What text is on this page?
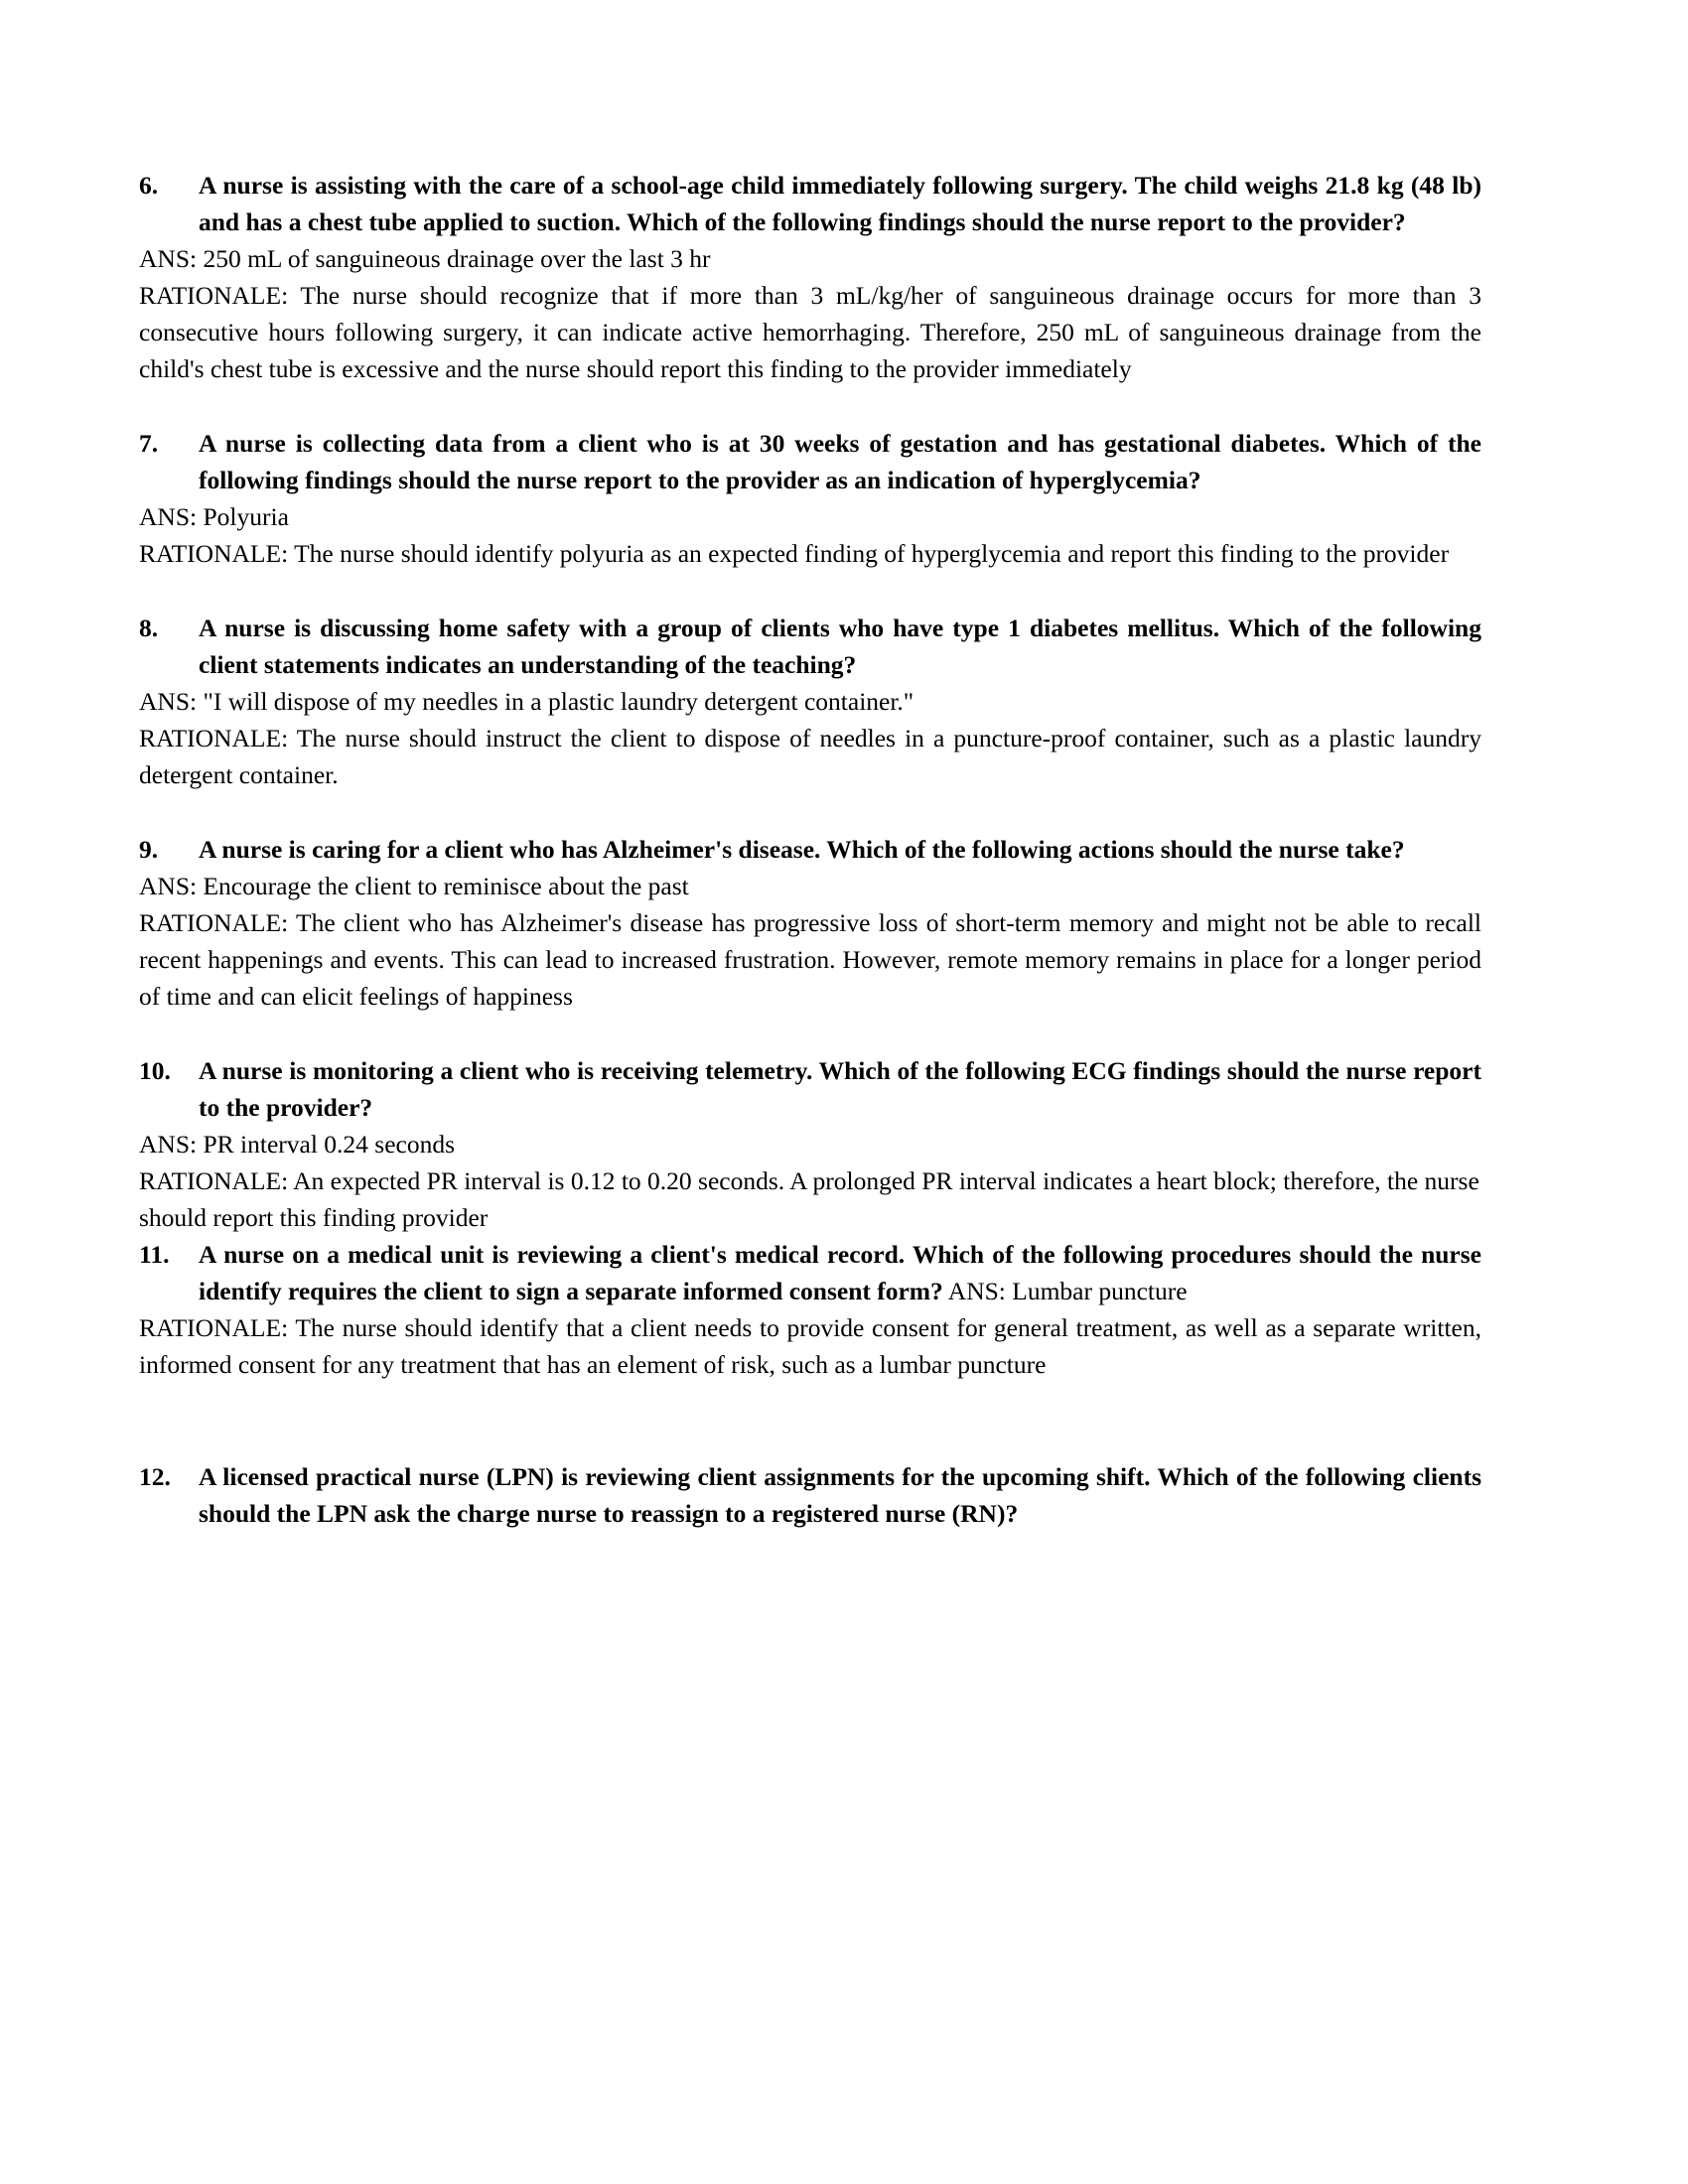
6.	A nurse is assisting with the care of a school-age child immediately following surgery. The child weighs 21.8 kg (48 lb) and has a chest tube applied to suction. Which of the following findings should the nurse report to the provider?

ANS: 250 mL of sanguineous drainage over the last 3 hr

RATIONALE: The nurse should recognize that if more than 3 mL/kg/her of sanguineous drainage occurs for more than 3 consecutive hours following surgery, it can indicate active hemorrhaging. Therefore, 250 mL of sanguineous drainage from the child's chest tube is excessive and the nurse should report this finding to the provider immediately

7.	A nurse is collecting data from a client who is at 30 weeks of gestation and has gestational diabetes. Which of the following findings should the nurse report to the provider as an indication of hyperglycemia?

ANS: Polyuria

RATIONALE: The nurse should identify polyuria as an expected finding of hyperglycemia and report this finding to the provider

8.	A nurse is discussing home safety with a group of clients who have type 1 diabetes mellitus. Which of the following client statements indicates an understanding of the teaching?

ANS: "I will dispose of my needles in a plastic laundry detergent container."

RATIONALE: The nurse should instruct the client to dispose of needles in a puncture-proof container, such as a plastic laundry detergent container.

9.	A nurse is caring for a client who has Alzheimer's disease. Which of the following actions should the nurse take?

ANS: Encourage the client to reminisce about the past

RATIONALE: The client who has Alzheimer's disease has progressive loss of short-term memory and might not be able to recall recent happenings and events. This can lead to increased frustration. However, remote memory remains in place for a longer period of time and can elicit feelings of happiness

10.	A nurse is monitoring a client who is receiving telemetry. Which of the following ECG findings should the nurse report to the provider?

ANS: PR interval 0.24 seconds

RATIONALE: An expected PR interval is 0.12 to 0.20 seconds. A prolonged PR interval indicates a heart block; therefore, the nurse should report this finding provider

11.	A nurse on a medical unit is reviewing a client's medical record. Which of the following procedures should the nurse identify requires the client to sign a separate informed consent form? ANS: Lumbar puncture

RATIONALE: The nurse should identify that a client needs to provide consent for general treatment, as well as a separate written, informed consent for any treatment that has an element of risk, such as a lumbar puncture

12.	A licensed practical nurse (LPN) is reviewing client assignments for the upcoming shift. Which of the following clients should the LPN ask the charge nurse to reassign to a registered nurse (RN)?
